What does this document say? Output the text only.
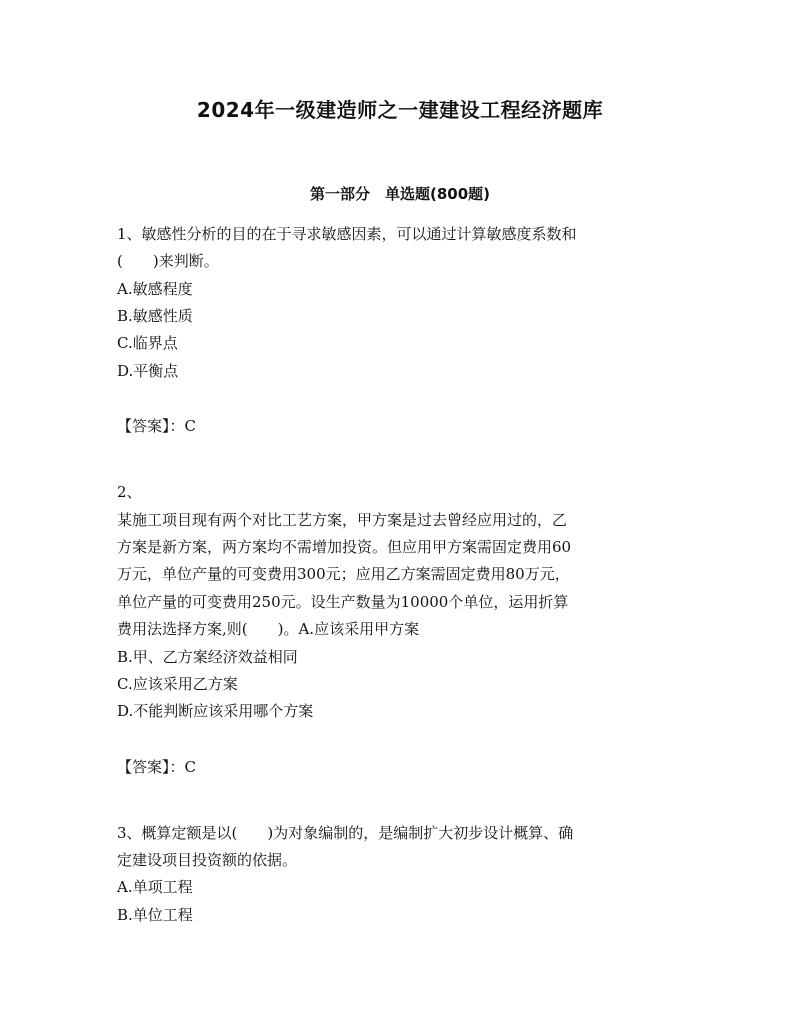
2024年一级建造师之一建建设工程经济题库
第一部分　单选题(800题)
1、敏感性分析的目的在于寻求敏感因素，可以通过计算敏感度系数和
(　　)来判断。
A.敏感程度
B.敏感性质
C.临界点
D.平衡点
【答案】：C
2、
某施工项目现有两个对比工艺方案，甲方案是过去曾经应用过的，乙
方案是新方案，两方案均不需增加投资。但应用甲方案需固定费用60
万元，单位产量的可变费用300元；应用乙方案需固定费用80万元，
单位产量的可变费用250元。设生产数量为10000个单位，运用折算
费用法选择方案,则(　　)。A.应该采用甲方案
B.甲、乙方案经济效益相同
C.应该采用乙方案
D.不能判断应该采用哪个方案
【答案】：C
3、概算定额是以(　　)为对象编制的，是编制扩大初步设计概算、确
定建设项目投资额的依据。
A.单项工程
B.单位工程
